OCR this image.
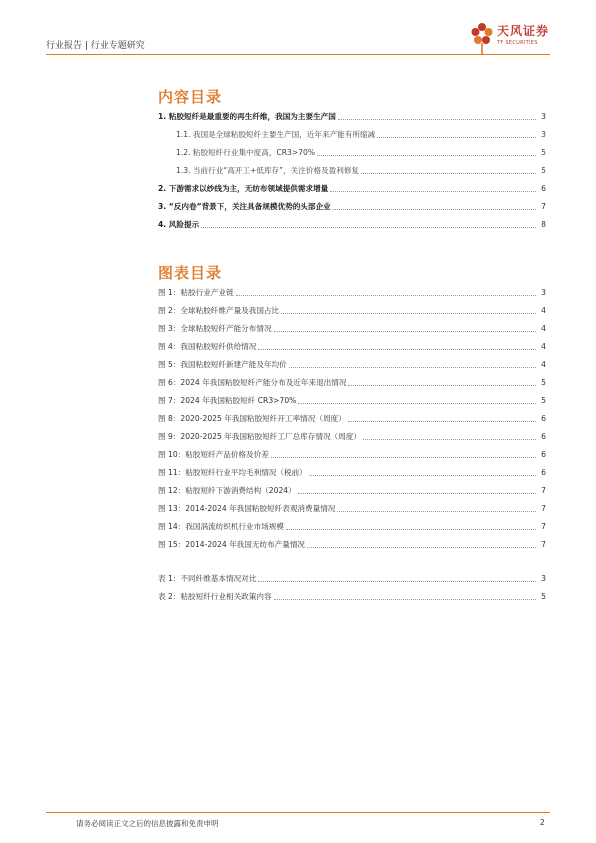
行业报告 | 行业专题研究
天风证券
TF SECURITIES
内容目录
1. 粘胶短纤是最重要的再生纤维，我国为主要生产国	3
1.1. 我国是全球粘胶短纤主要生产国，近年来产能有所缩减	3
1.2. 粘胶短纤行业集中度高，CR3>70%	5
1.3. 当前行业“高开工+低库存”，关注价格及盈利修复	5
2. 下游需求以纱线为主，无纺布领域提供需求增量	6
3. “反内卷”背景下，关注具备规模优势的头部企业	7
4. 风险提示	8
图表目录
图 1：粘胶行业产业链	3
图 2：全球粘胶纤维产量及我国占比	4
图 3：全球粘胶短纤产能分布情况	4
图 4：我国粘胶短纤供给情况	4
图 5：我国粘胶短纤新建产能及年均价	4
图 6：2024 年我国粘胶短纤产能分布及近年来退出情况	5
图 7：2024 年我国粘胶短纤 CR3>70%	5
图 8：2020-2025 年我国粘胶短纤开工率情况（周度）	6
图 9：2020-2025 年我国粘胶短纤工厂总库存情况（周度）	6
图 10：粘胶短纤产品价格及价差	6
图 11：粘胶短纤行业平均毛利情况（税前）	6
图 12：粘胶短纤下游消费结构（2024）	7
图 13：2014-2024 年我国粘胶短纤表观消费量情况	7
图 14：我国涡流纺织机行业市场规模	7
图 15：2014-2024 年我国无纺布产量情况	7
表 1：不同纤维基本情况对比	3
表 2：粘胶短纤行业相关政策内容	5
请务必阅读正文之后的信息披露和免责申明	2
